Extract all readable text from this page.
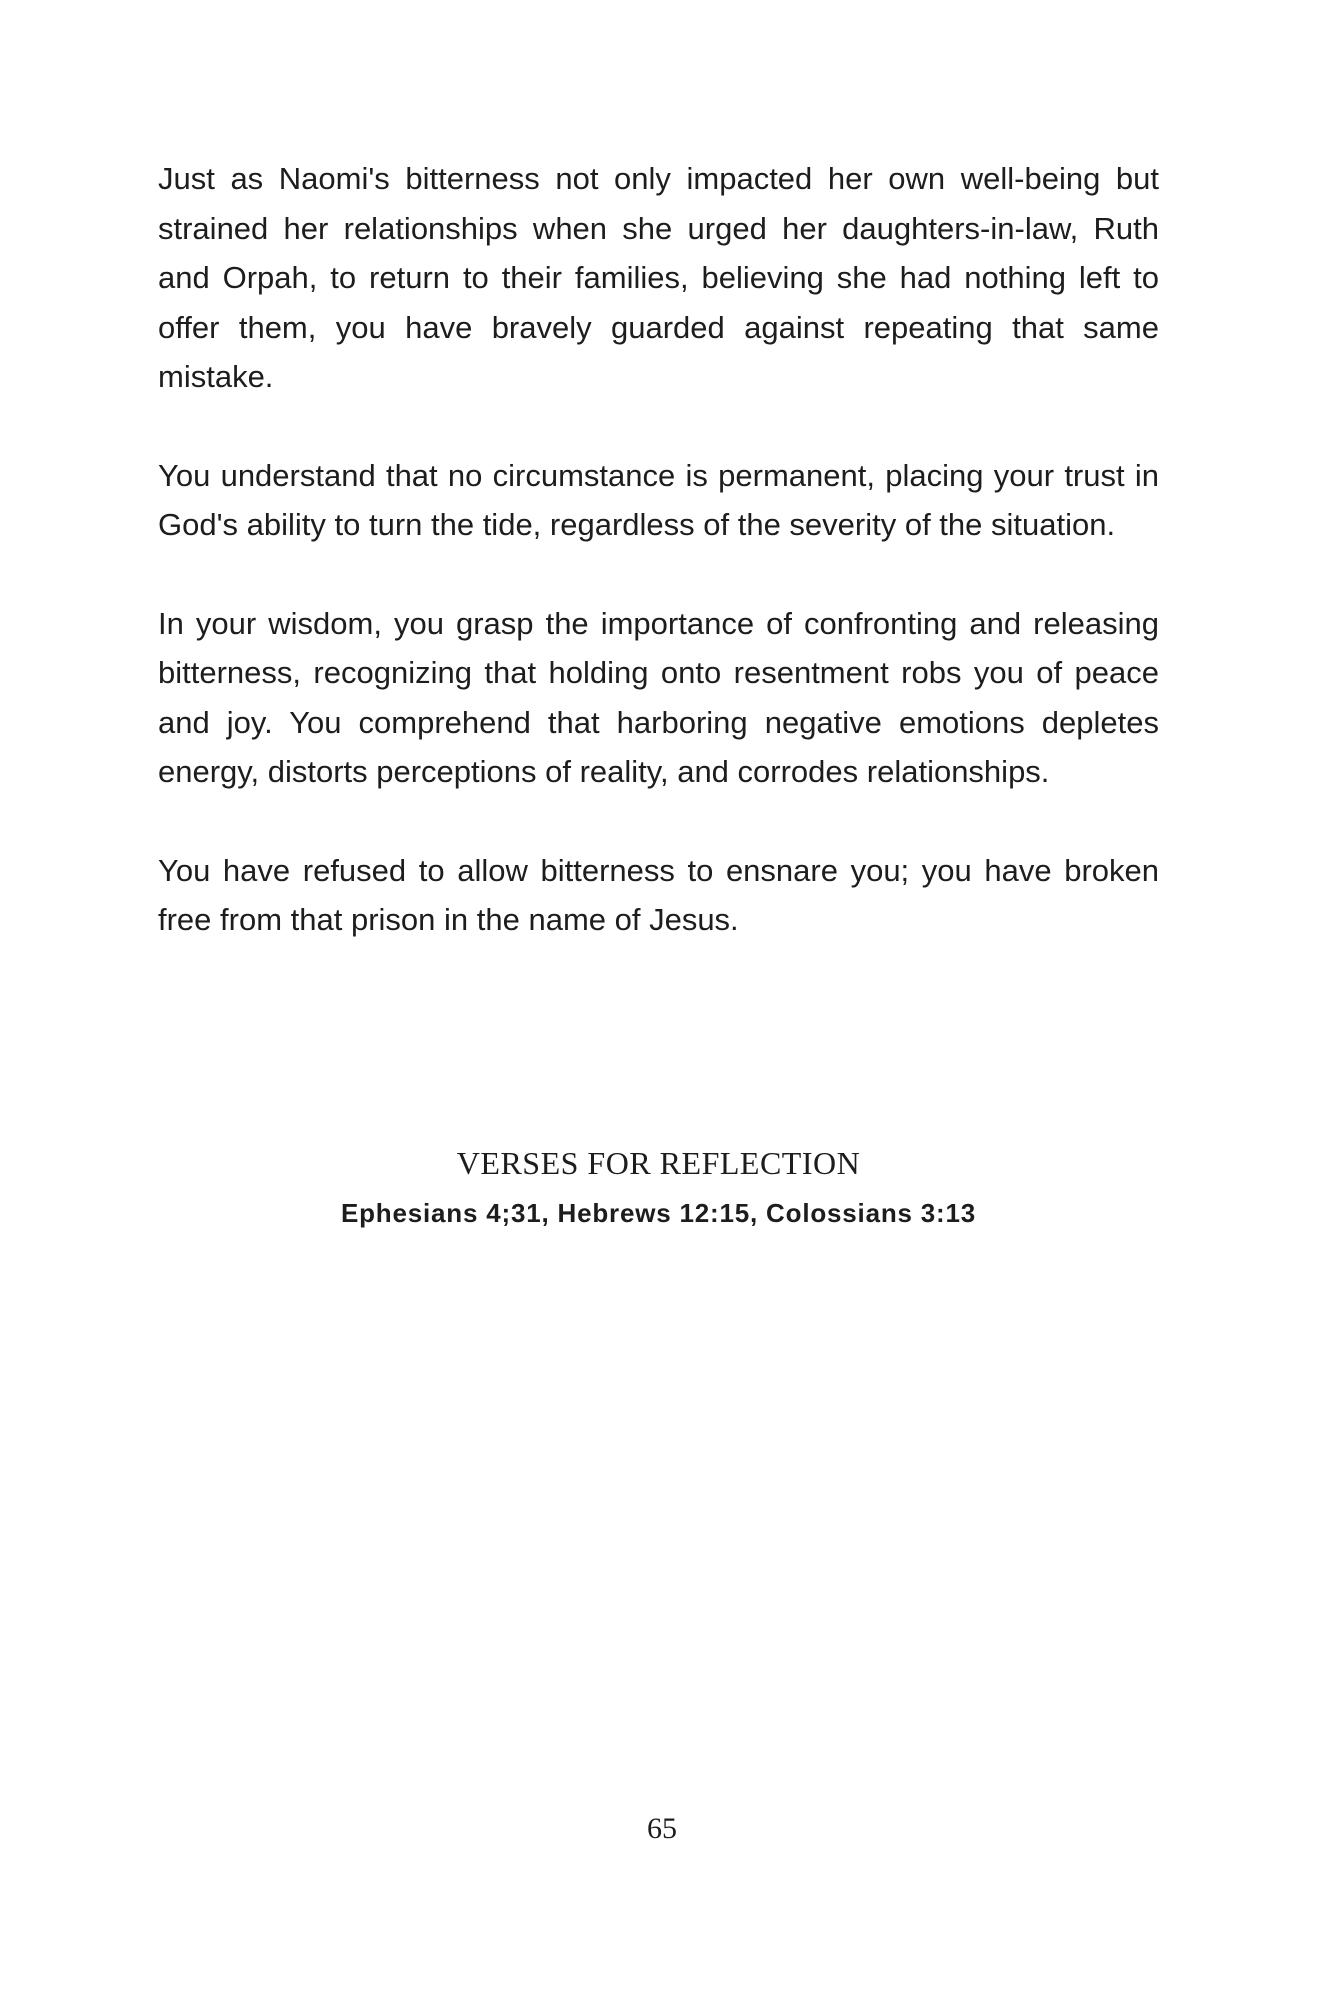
Just as Naomi's bitterness not only impacted her own well-being but strained her relationships when she urged her daughters-in-law, Ruth and Orpah, to return to their families, believing she had nothing left to offer them, you have bravely guarded against repeating that same mistake.

You understand that no circumstance is permanent, placing your trust in God's ability to turn the tide, regardless of the severity of the situation.

In your wisdom, you grasp the importance of confronting and releasing bitterness, recognizing that holding onto resentment robs you of peace and joy. You comprehend that harboring negative emotions depletes energy, distorts perceptions of reality, and corrodes relationships.

You have refused to allow bitterness to ensnare you; you have broken free from that prison in the name of Jesus.

VERSES FOR REFLECTION
Ephesians 4;31, Hebrews 12:15, Colossians 3:13
65
